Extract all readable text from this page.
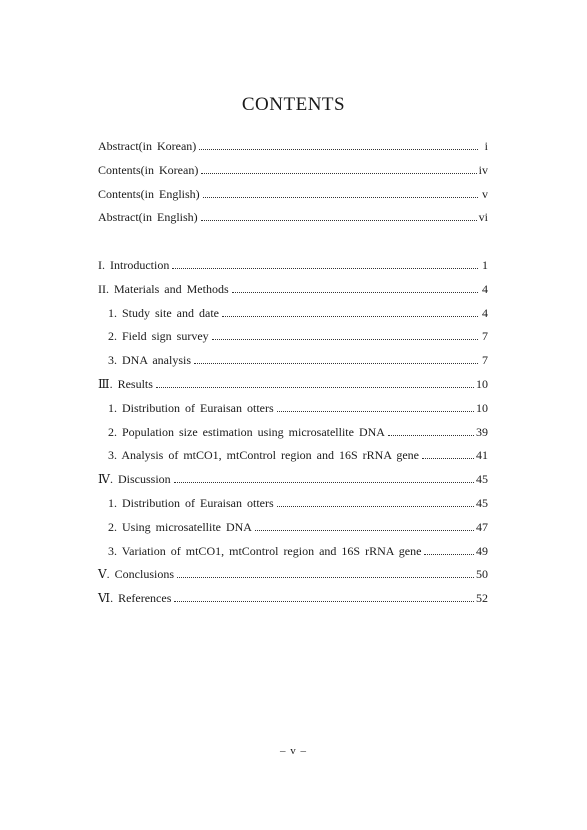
CONTENTS
Abstract(in Korean)	i
Contents(in Korean)	iv
Contents(in English)	v
Abstract(in English)	vi
I. Introduction	1
II. Materials and Methods	4
1. Study site and date	4
2. Field sign survey	7
3. DNA analysis	7
Ⅲ. Results	10
1. Distribution of Euraisan otters	10
2. Population size estimation using microsatellite DNA	39
3. Analysis of mtCO1, mtControl region and 16S rRNA gene	41
Ⅳ. Discussion	45
1. Distribution of Euraisan otters	45
2. Using microsatellite DNA	47
3. Variation of mtCO1, mtControl region and 16S rRNA gene	49
Ⅴ. Conclusions	50
Ⅵ. References	52
– v –
